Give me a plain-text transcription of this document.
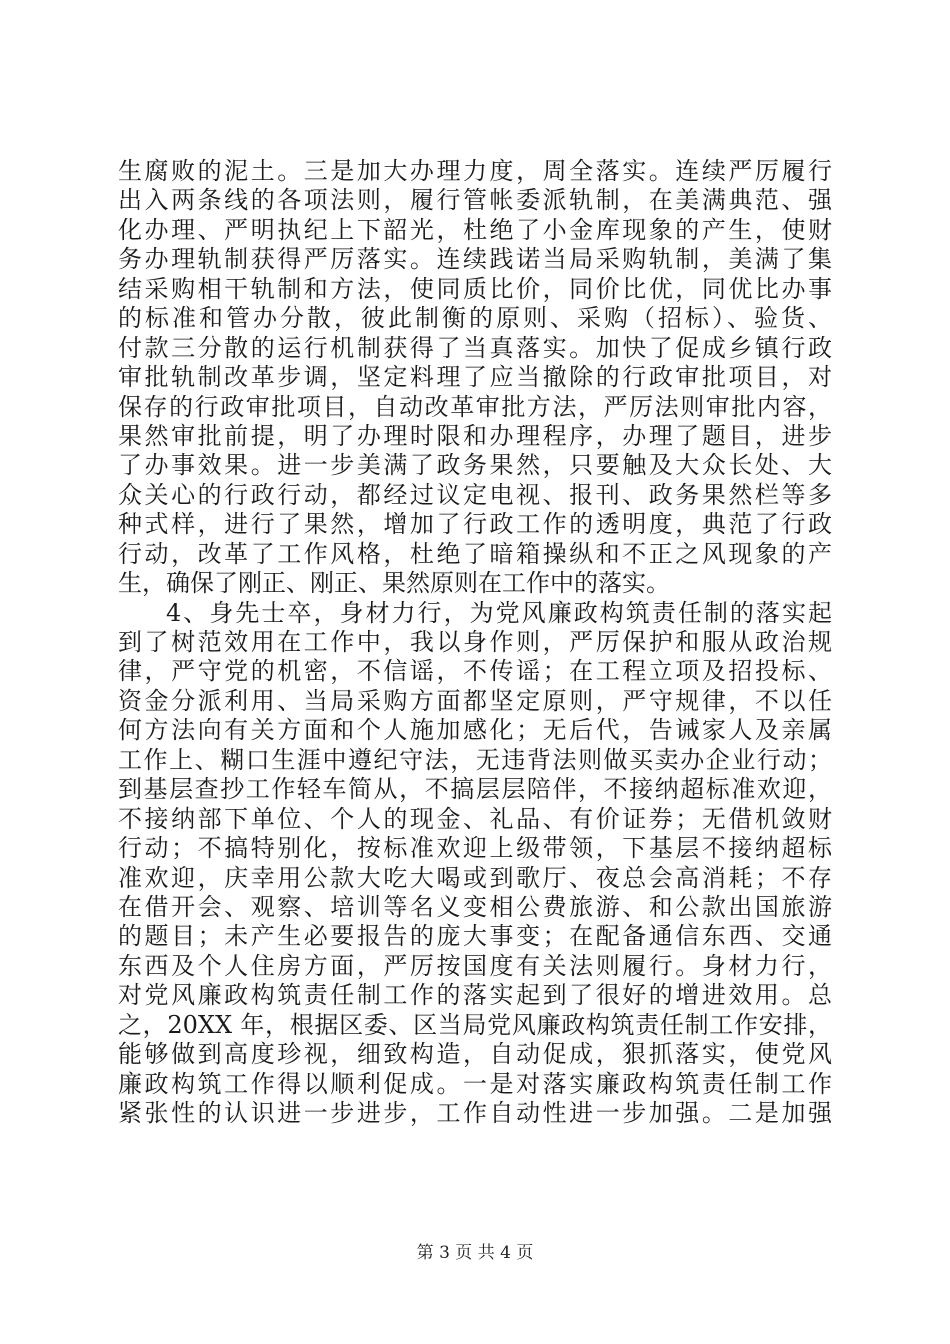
生腐败的泥土。三是加大办理力度，周全落实。连续严厉履行
出入两条线的各项法则，履行管帐委派轨制，在美满典范、强
化办理、严明执纪上下韶光，杜绝了小金库现象的产生，使财
务办理轨制获得严厉落实。连续践诺当局采购轨制，美满了集
结采购相干轨制和方法，使同质比价，同价比优，同优比办事
的标准和管办分散，彼此制衡的原则、采购（招标）、验货、
付款三分散的运行机制获得了当真落实。加快了促成乡镇行政
审批轨制改革步调，坚定料理了应当撤除的行政审批项目，对
保存的行政审批项目，自动改革审批方法，严厉法则审批内容，
果然审批前提，明了办理时限和办理程序，办理了题目，进步
了办事效果。进一步美满了政务果然，只要触及大众长处、大
众关心的行政行动，都经过议定电视、报刊、政务果然栏等多
种式样，进行了果然，增加了行政工作的透明度，典范了行政
行动，改革了工作风格，杜绝了暗箱操纵和不正之风现象的产
生，确保了刚正、刚正、果然原则在工作中的落实。
4、身先士卒，身材力行，为党风廉政构筑责任制的落实起
到了树范效用在工作中，我以身作则，严厉保护和服从政治规
律，严守党的机密，不信谣，不传谣；在工程立项及招投标、
资金分派利用、当局采购方面都坚定原则，严守规律，不以任
何方法向有关方面和个人施加感化；无后代，告诫家人及亲属
工作上、糊口生涯中遵纪守法，无违背法则做买卖办企业行动；
到基层查抄工作轻车简从，不搞层层陪伴，不接纳超标准欢迎，
不接纳部下单位、个人的现金、礼品、有价证券；无借机敛财
行动；不搞特别化，按标准欢迎上级带领，下基层不接纳超标
准欢迎，庆幸用公款大吃大喝或到歌厅、夜总会高消耗；不存
在借开会、观察、培训等名义变相公费旅游、和公款出国旅游
的题目；未产生必要报告的庞大事变；在配备通信东西、交通
东西及个人住房方面，严厉按国度有关法则履行。身材力行，
对党风廉政构筑责任制工作的落实起到了很好的增进效用。总
之，20XX 年，根据区委、区当局党风廉政构筑责任制工作安排，
能够做到高度珍视，细致构造，自动促成，狠抓落实，使党风
廉政构筑工作得以顺利促成。一是对落实廉政构筑责任制工作
紧张性的认识进一步进步，工作自动性进一步加强。二是加强
第 3 页 共 4 页
